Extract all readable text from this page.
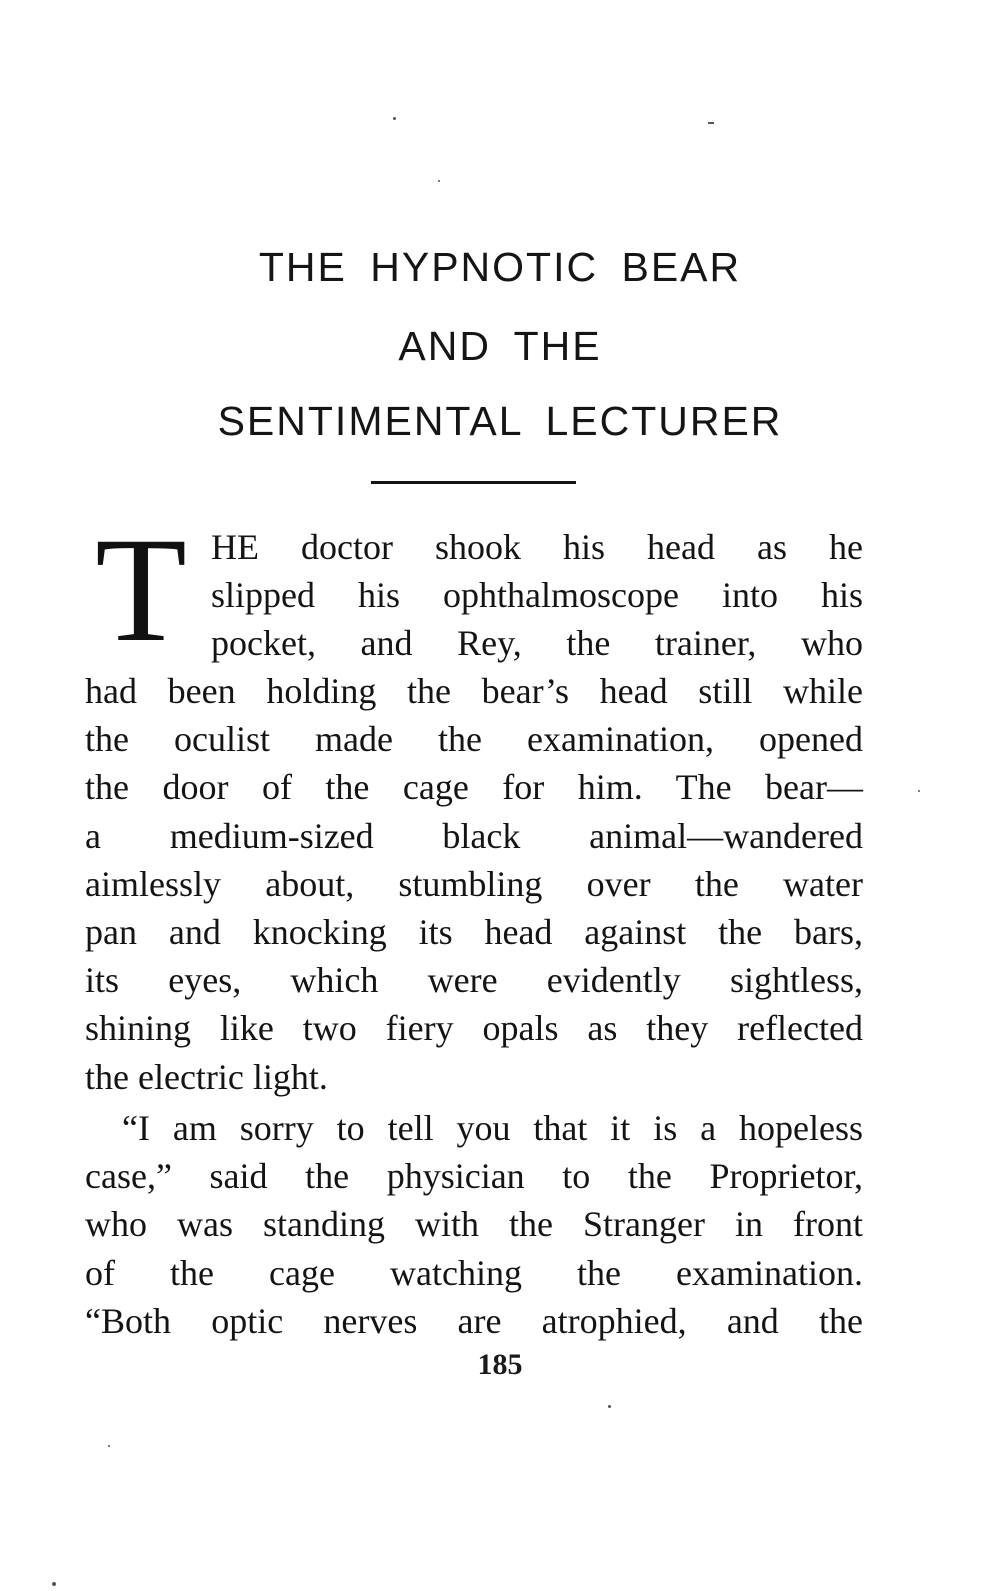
THE HYPNOTIC BEAR
AND THE
SENTIMENTAL LECTURER
T HE doctor shook his head as he
slipped his ophthalmoscope into his
pocket, and Rey, the trainer, who
had been holding the bear’s head still while
the oculist made the examination, opened
the door of the cage for him. The bear—
a medium-sized black animal—wandered
aimlessly about, stumbling over the water
pan and knocking its head against the bars,
its eyes, which were evidently sightless,
shining like two fiery opals as they reflected
the electric light.
“I am sorry to tell you that it is a hopeless
case,” said the physician to the Proprietor,
who was standing with the Stranger in front
of the cage watching the examination.
“Both optic nerves are atrophied, and the
185
